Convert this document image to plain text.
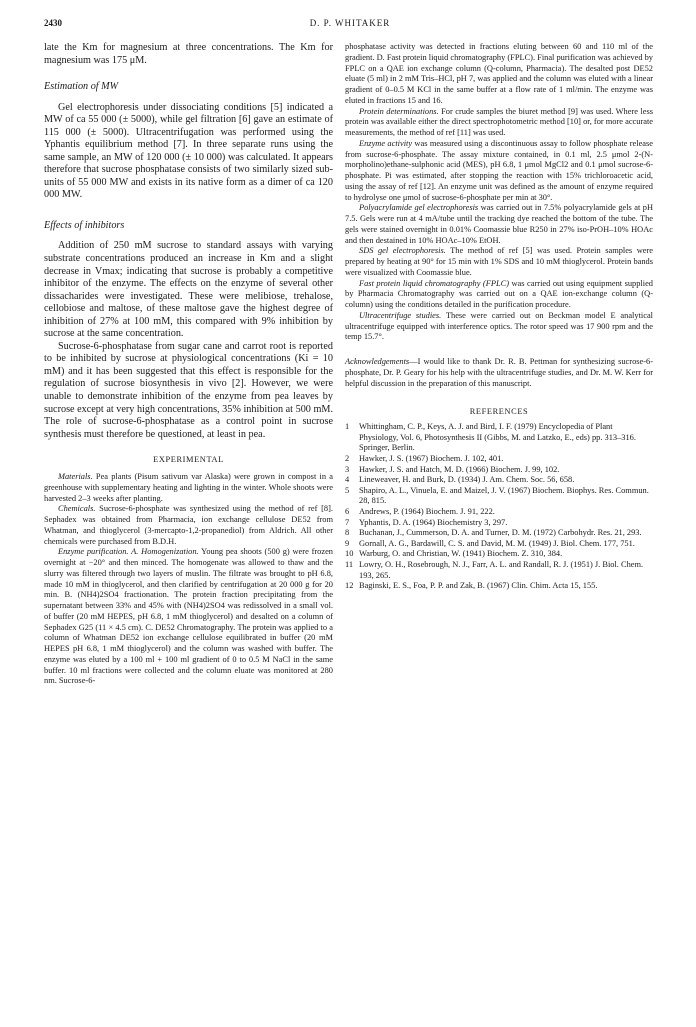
2430	D. P. WHITAKER

late the Km for magnesium at three concentrations. The Km for magnesium was 175 μM.

Estimation of MW

Gel electrophoresis under dissociating conditions [5] indicated a MW of ca 55 000 (± 5000), while gel filtration [6] gave an estimate of 115 000 (± 5000). Ultracentrifugation was performed using the Yphantis equilibrium method [7]. In three separate runs using the same sample, an MW of 120 000 (± 10 000) was calculated. It appears therefore that sucrose phosphatase consists of two similarly sized sub-units of 55 000 MW and exists in its native form as a dimer of ca 120 000 MW.

Effects of inhibitors

Addition of 250 mM sucrose to standard assays with varying substrate concentrations produced an increase in Km and a slight decrease in Vmax; indicating that sucrose is probably a competitive inhibitor of the enzyme. The effects on the enzyme of several other dissacharides were investigated. These were melibiose, trehalose, cellobiose and maltose, of these maltose gave the highest degree of inhibition of 27% at 100 mM, this compared with 9% inhibition by sucrose at the same concentration.

Sucrose-6-phosphatase from sugar cane and carrot root is reported to be inhibited by sucrose at physiological concentrations (Ki = 10 mM) and it has been suggested that this effect is responsible for the regulation of sucrose biosynthesis in vivo [2]. However, we were unable to demonstrate inhibition of the enzyme from pea leaves by sucrose except at very high concentrations, 35% inhibition at 500 mM. The role of sucrose-6-phosphatase as a control point in sucrose synthesis must therefore be questioned, at least in pea.

EXPERIMENTAL

Materials. Pea plants (Pisum sativum var Alaska) were grown in compost in a greenhouse with supplementary heating and lighting in the winter. Whole shoots were harvested 2–3 weeks after planting.

Chemicals. Sucrose-6-phosphate was synthesized using the method of ref [8]. Sephadex was obtained from Pharmacia, ion exchange cellulose DE52 from Whatman, and thioglycerol (3-mercapto-1,2-propanediol) from Aldrich. All other chemicals were purchased from B.D.H.

Enzyme purification. A. Homogenization. Young pea shoots (500 g) were frozen overnight at −20° and then minced. The homogenate was allowed to thaw and the slurry was filtered through two layers of muslin. The filtrate was brought to pH 6.8, made 10 mM in thioglycerol, and then clarified by centrifugation at 20 000 g for 20 min. B. (NH4)2SO4 fractionation. The protein fraction precipitating from the supernatant between 33% and 45% with (NH4)2SO4 was redissolved in a small vol. of buffer (20 mM HEPES, pH 6.8, 1 mM thioglycerol) and desalted on a column of Sephadex G25 (11 × 4.5 cm). C. DE52 Chromatography. The protein was applied to a column of Whatman DE52 ion exchange cellulose equilibrated in buffer (20 mM HEPES pH 6.8, 1 mM thioglycerol) and the column was washed with buffer. The enzyme was eluted by a 100 ml + 100 ml gradient of 0 to 0.5 M NaCl in the same buffer. 10 ml fractions were collected and the column eluate was monitored at 280 nm. Sucrose-6-

phosphatase activity was detected in fractions eluting between 60 and 110 ml of the gradient. D. Fast protein liquid chromatography (FPLC). Final purification was achieved by FPLC on a QAE ion exchange column (Q-column, Pharmacia). The desalted post DE52 eluate (5 ml) in 2 mM Tris–HCl, pH 7, was applied and the column was eluted with a linear gradient of 0–0.5 M KCl in the same buffer at a flow rate of 1 ml/min. The enzyme was eluted in fractions 15 and 16.

Protein determinations. For crude samples the biuret method [9] was used. Where less protein was available either the direct spectrophotometric method [10] or, for more accurate measurements, the method of ref [11] was used.

Enzyme activity was measured using a discontinuous assay to follow phosphate release from sucrose-6-phosphate. The assay mixture contained, in 0.1 ml, 2.5 μmol 2-(N-morpholino)ethane-sulphonic acid (MES), pH 6.8, 1 μmol MgCl2 and 0.1 μmol sucrose-6-phosphate. Pi was estimated, after stopping the reaction with 15% trichloroacetic acid, using the assay of ref [12]. An enzyme unit was defined as the amount of enzyme required to hydrolyse one μmol of sucrose-6-phosphate per min at 30°.

Polyacrylamide gel electrophoresis was carried out in 7.5% polyacrylamide gels at pH 7.5. Gels were run at 4 mA/tube until the tracking dye reached the bottom of the tube. The gels were stained overnight in 0.01% Coomassie blue R250 in 27% iso-PrOH–10% HOAc and then destained in 10% HOAc–10% EtOH.

SDS gel electrophoresis. The method of ref [5] was used. Protein samples were prepared by heating at 90° for 15 min with 1% SDS and 10 mM thioglycerol. Protein bands were visualized with Coomassie blue.

Fast protein liquid chromatography (FPLC) was carried out using equipment supplied by Pharmacia Chromatography was carried out on a QAE ion-exchange column (Q-column) using the conditions detailed in the purification procedure.

Ultracentrifuge studies. These were carried out on Beckman model E analytical ultracentrifuge equipped with interference optics. The rotor speed was 17 900 rpm and the temp 15.7°.

Acknowledgements—I would like to thank Dr. R. B. Pettman for synthesizing sucrose-6-phosphate, Dr. P. Geary for his help with the ultracentrifuge studies, and Dr. M. W. Kerr for helpful discussion in the preparation of this manuscript.

REFERENCES
1	Whittingham, C. P., Keys, A. J. and Bird, I. F. (1979) Encyclopedia of Plant Physiology, Vol. 6, Photosynthesis II (Gibbs, M. and Latzko, E., eds) pp. 313–316. Springer, Berlin.
2	Hawker, J. S. (1967) Biochem. J. 102, 401.
3	Hawker, J. S. and Hatch, M. D. (1966) Biochem. J. 99, 102.
4	Lineweaver, H. and Burk, D. (1934) J. Am. Chem. Soc. 56, 658.
5	Shapiro, A. L., Vinuela, E. and Maizel, J. V. (1967) Biochem. Biophys. Res. Commun. 28, 815.
6	Andrews, P. (1964) Biochem. J. 91, 222.
7	Yphantis, D. A. (1964) Biochemistry 3, 297.
8	Buchanan, J., Cummerson, D. A. and Turner, D. M. (1972) Carbohydr. Res. 21, 293.
9	Gornall, A. G., Bardawill, C. S. and David, M. M. (1949) J. Biol. Chem. 177, 751.
10 Warburg, O. and Christian, W. (1941) Biochem. Z. 310, 384.
11 Lowry, O. H., Rosebrough, N. J., Farr, A. L. and Randall, R. J. (1951) J. Biol. Chem. 193, 265.
12 Baginski, E. S., Foa, P. P. and Zak, B. (1967) Clin. Chim. Acta 15, 155.
